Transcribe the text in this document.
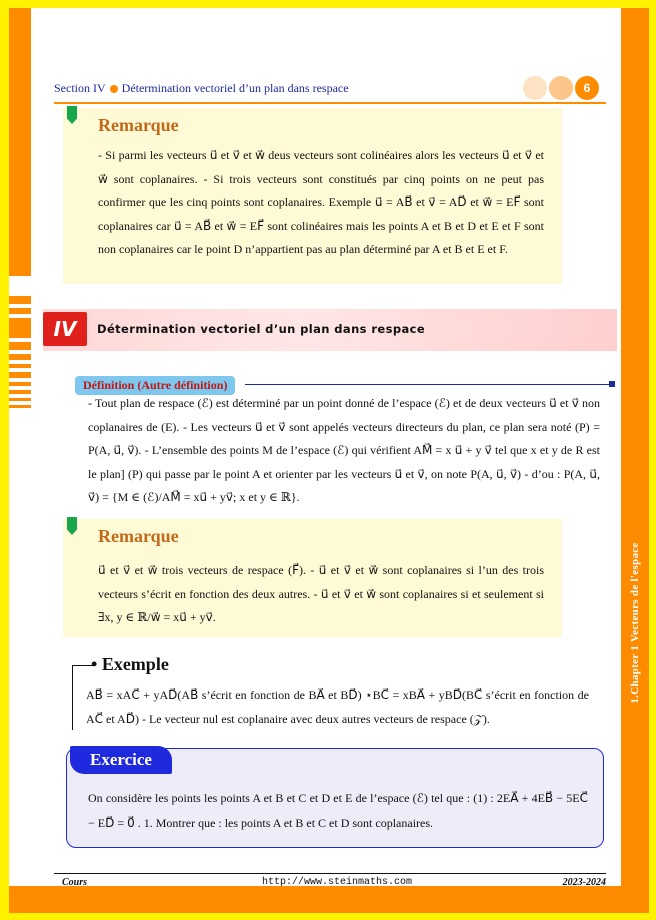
1.Chapter 1 Vecteurs de l'espace
Section IV Détermination vectoriel d’un plan dans respace	6
Remarque
- Si parmi les vecteurs u⃗ et v⃗ et w⃗ deus vecteurs sont colinéaires alors les vecteurs u⃗ et v⃗ et w⃗ sont coplanaires. - Si trois vecteurs sont constitués par cinq points on ne peut pas confirmer que les cinq points sont coplanaires. Exemple u⃗ = AB⃗ et v⃗ = AD⃗ et w⃗ = EF⃗ sont coplanaires car u⃗ = AB⃗ et w⃗ = EF⃗ sont colinéaires mais les points A et B et D et E et F sont non coplanaires car le point D n’appartient pas au plan déterminé par A et B et E et F.
IV	Détermination vectoriel d’un plan dans respace
Définition (Autre définition)
- Tout plan de respace (ℰ) est déterminé par un point donné de l’espace (ℰ) et de deux vecteurs u⃗ et v⃗ non coplanaires de (E). - Les vecteurs u⃗ et v⃗ sont appelés vecteurs directeurs du plan, ce plan sera noté (P) = P(A, u⃗, v⃗). - L’ensemble des points M de l’espace (ℰ) qui vérifient AM⃗ = x u⃗ + y v⃗ tel que x et y de R est le plan] (P) qui passe par le point A et orienter par les vecteurs u⃗ et v⃗, on note P(A, u⃗, v⃗) - d’ou : P(A, u⃗, v⃗) = {M ∈ (ℰ)/AM⃗ = xu⃗ + yv⃗; x et y ∈ ℝ}.
Remarque
u⃗ et v⃗ et w⃗ trois vecteurs de respace (F⃗). - u⃗ et v⃗ et w⃗ sont coplanaires si l’un des trois vecteurs s’écrit en fonction des deux autres. - u⃗ et v⃗ et w⃗ sont coplanaires si et seulement si ∃x, y ∈ ℝ/w⃗ = xu⃗ + yv⃗.
• Exemple
AB⃗ = xAC⃗ + yAD⃗(AB⃗ s’écrit en fonction de BA⃗ et BD⃗) ⋆BC⃗ = xBA⃗ + yBD⃗(BC⃗ s’écrit en fonction de AC⃗ et AD⃗) - Le vecteur nul est coplanaire avec deux autres vecteurs de respace (𝒵).
Exercice
On considère les points les points A et B et C et D et E de l’espace (ℰ) tel que : (1) : 2EA⃗ + 4EB⃗ − 5EC⃗ − ED⃗ = 0⃗ . 1. Montrer que : les points A et B et C et D sont coplanaires.
Cours	http://www.steinmaths.com	2023-2024
